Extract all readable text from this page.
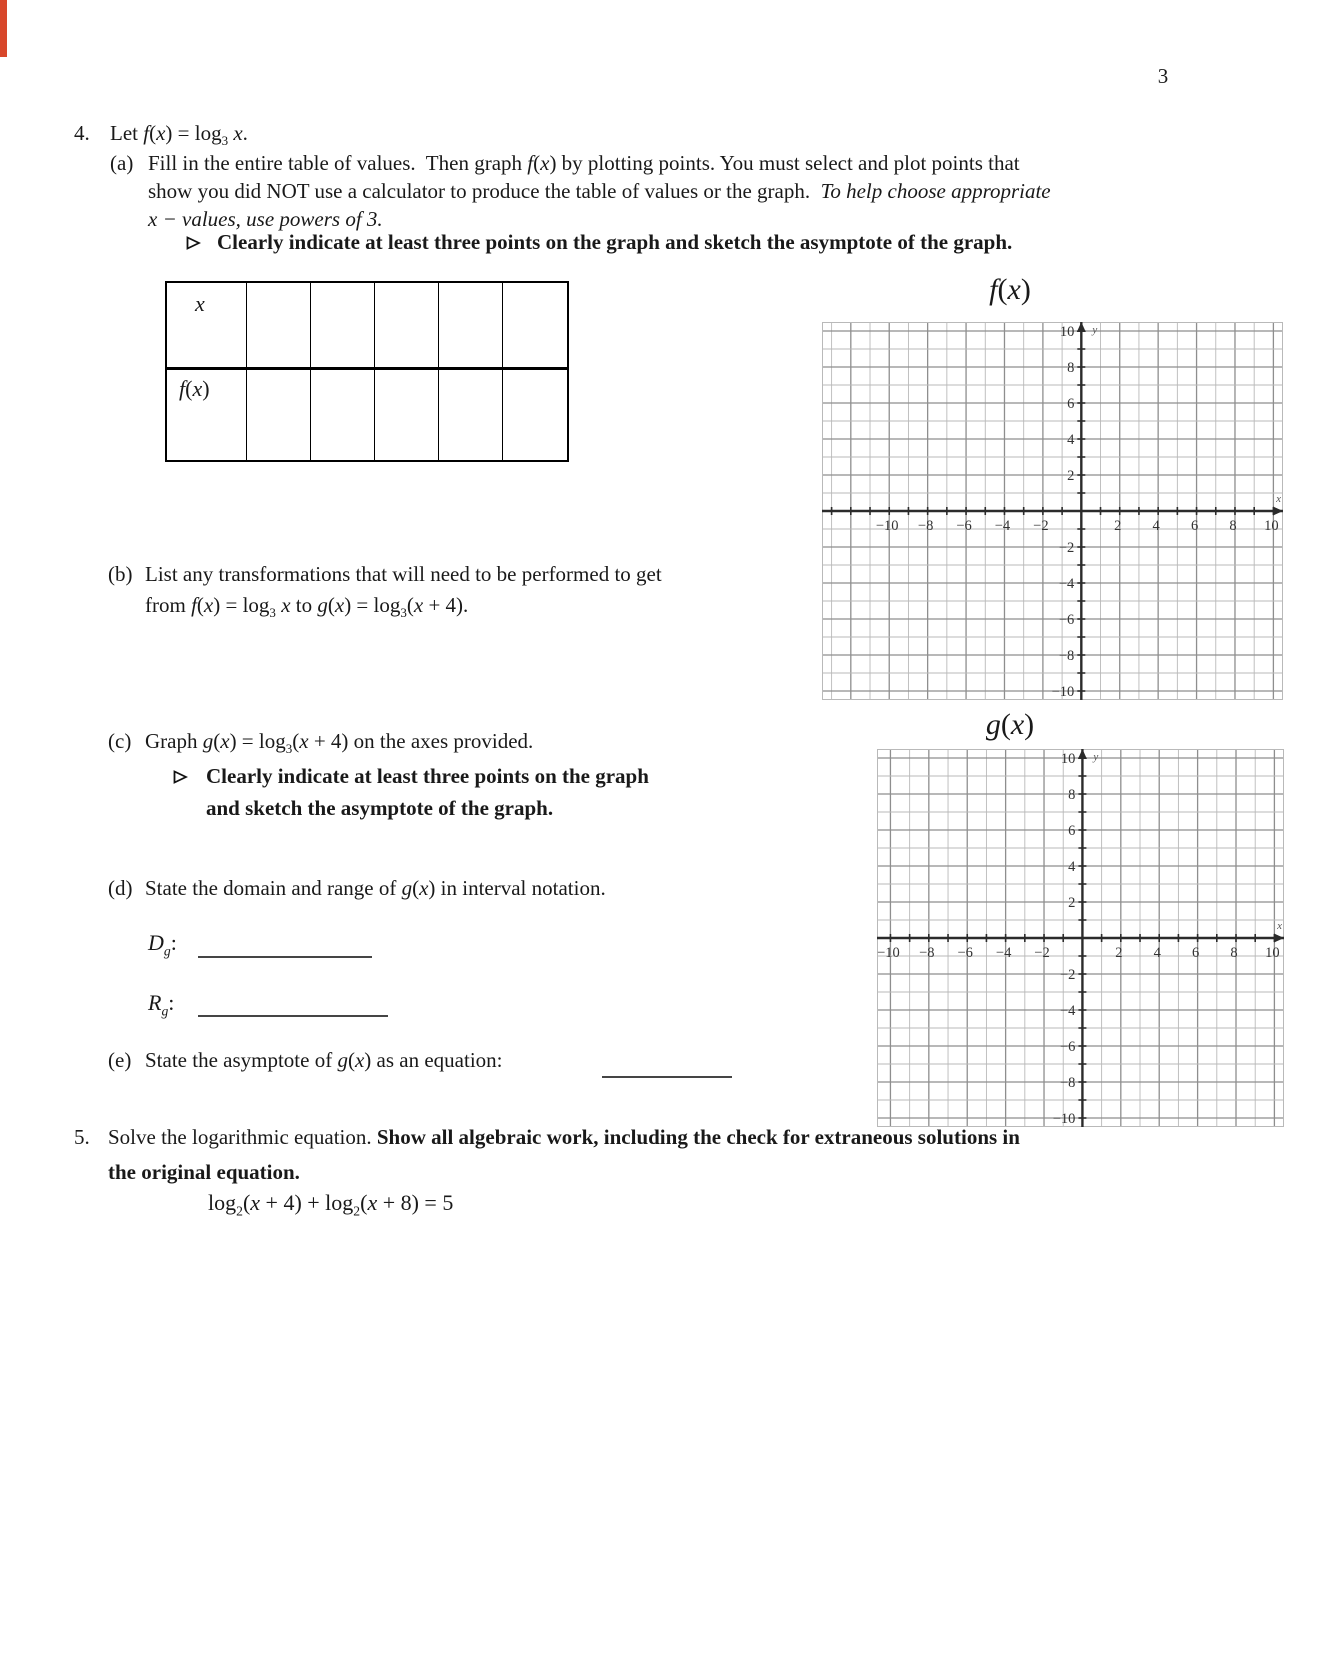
3
4. Let $f(x) = \log_3 x$.
(a) Fill in the entire table of values.  Then graph f(x) by plotting points. You must select and plot points that
show you did NOT use a calculator to produce the table of values or the graph.  To help choose appropriate
x − values, use powers of 3.
Clearly indicate at least three points on the graph and sketch the asymptote of the graph.
x
f(x)
f(x)
−10 −8 −6 −4 −2	2 4 6 8 10
10
8
6
4
2
−2
−4
−6
−8
−10
y
x
(b) List any transformations that will need to be performed to get
from $f(x) = \log_3 x$ to $g(x) = \log_3(x + 4)$.
(c) Graph $g(x) = \log_3(x + 4)$ on the axes provided.
Clearly indicate at least three points on the graph
and sketch the asymptote of the graph.
(d) State the domain and range of g(x) in interval notation.
$D_g$:
$R_g$:
(e) State the asymptote of g(x) as an equation:
g(x)
−10 −8 −6 −4 −2	2 4 6 8 10
10
8
6
4
2
−2
−4
−6
−8
−10
y
x
5. Solve the logarithmic equation. Show all algebraic work, including the check for extraneous solutions in
the original equation.
$\log_2(x + 4) + \log_2(x + 8) = 5$
